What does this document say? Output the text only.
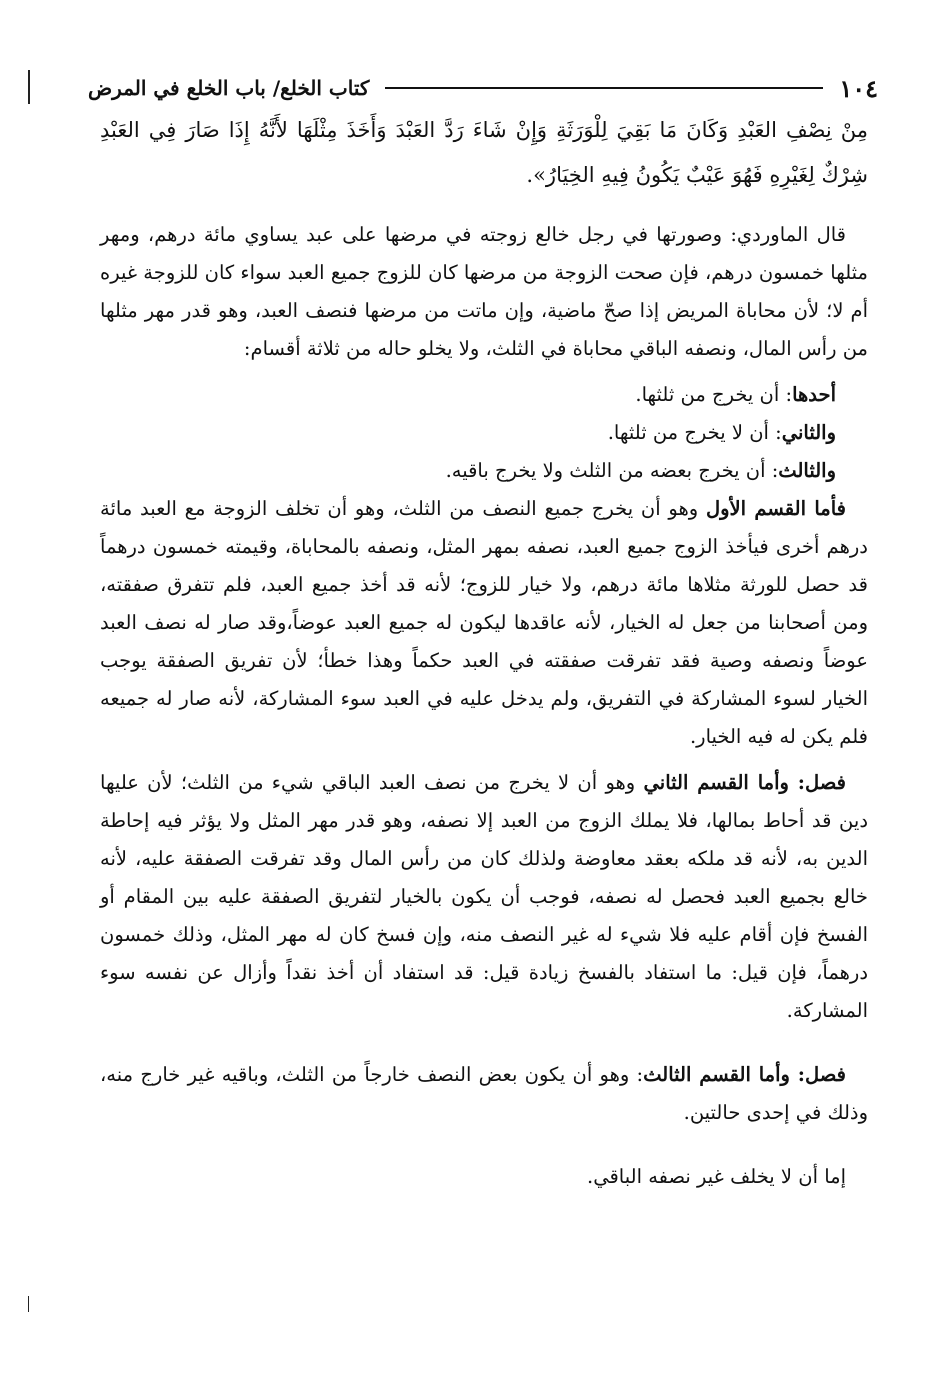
١٠٤
كتاب الخلع/ باب الخلع في المرض

مِنْ نِصْفِ العَبْدِ وَكَانَ مَا بَقِيَ لِلْوَرَثَةِ وَإِنْ شَاءَ رَدَّ العَبْدَ وَأَخَذَ مِثْلَهَا لأَنَّهُ إِذَا صَارَ فِي العَبْدِ شِرْكٌ لِغَيْرِهِ فَهُوَ عَيْبٌ يَكُونُ فِيهِ الخِيَارُ».

قال الماوردي: وصورتها في رجل خالع زوجته في مرضها على عبد يساوي مائة درهم، ومهر مثلها خمسون درهم، فإن صحت الزوجة من مرضها كان للزوج جميع العبد سواء كان للزوجة غيره أم لا؛ لأن محاباة المريض إذا صحّ ماضية، وإن ماتت من مرضها فنصف العبد، وهو قدر مهر مثلها من رأس المال، ونصفه الباقي محاباة في الثلث، ولا يخلو حاله من ثلاثة أقسام:

أحدها: أن يخرج من ثلثها.

والثاني: أن لا يخرج من ثلثها.

والثالث: أن يخرج بعضه من الثلث ولا يخرج باقيه.

فأما القسم الأول وهو أن يخرج جميع النصف من الثلث، وهو أن تخلف الزوجة مع العبد مائة درهم أخرى فيأخذ الزوج جميع العبد، نصفه بمهر المثل، ونصفه بالمحاباة، وقيمته خمسون درهماً قد حصل للورثة مثلاها مائة درهم، ولا خيار للزوج؛ لأنه قد أخذ جميع العبد، فلم تتفرق صفقته، ومن أصحابنا من جعل له الخيار، لأنه عاقدها ليكون له جميع العبد عوضاً،وقد صار له نصف العبد عوضاً ونصفه وصية فقد تفرقت صفقته في العبد حكماً وهذا خطأ؛ لأن تفريق الصفقة يوجب الخيار لسوء المشاركة في التفريق، ولم يدخل عليه في العبد سوء المشاركة، لأنه صار له جميعه فلم يكن له فيه الخيار.

فصل: وأما القسم الثاني وهو أن لا يخرج من نصف العبد الباقي شيء من الثلث؛ لأن عليها دين قد أحاط بمالها، فلا يملك الزوج من العبد إلا نصفه، وهو قدر مهر المثل ولا يؤثر فيه إحاطة الدين به، لأنه قد ملكه بعقد معاوضة ولذلك كان من رأس المال وقد تفرقت الصفقة عليه، لأنه خالع بجميع العبد فحصل له نصفه، فوجب أن يكون بالخيار لتفريق الصفقة عليه بين المقام أو الفسخ فإن أقام عليه فلا شيء له غير النصف منه، وإن فسخ كان له مهر المثل، وذلك خمسون درهماً، فإن قيل: ما استفاد بالفسخ زيادة قيل: قد استفاد أن أخذ نقداً وأزال عن نفسه سوء المشاركة.

فصل: وأما القسم الثالث: وهو أن يكون بعض النصف خارجاً من الثلث، وباقيه غير خارج منه، وذلك في إحدى حالتين.

إما أن لا يخلف غير نصفه الباقي.
